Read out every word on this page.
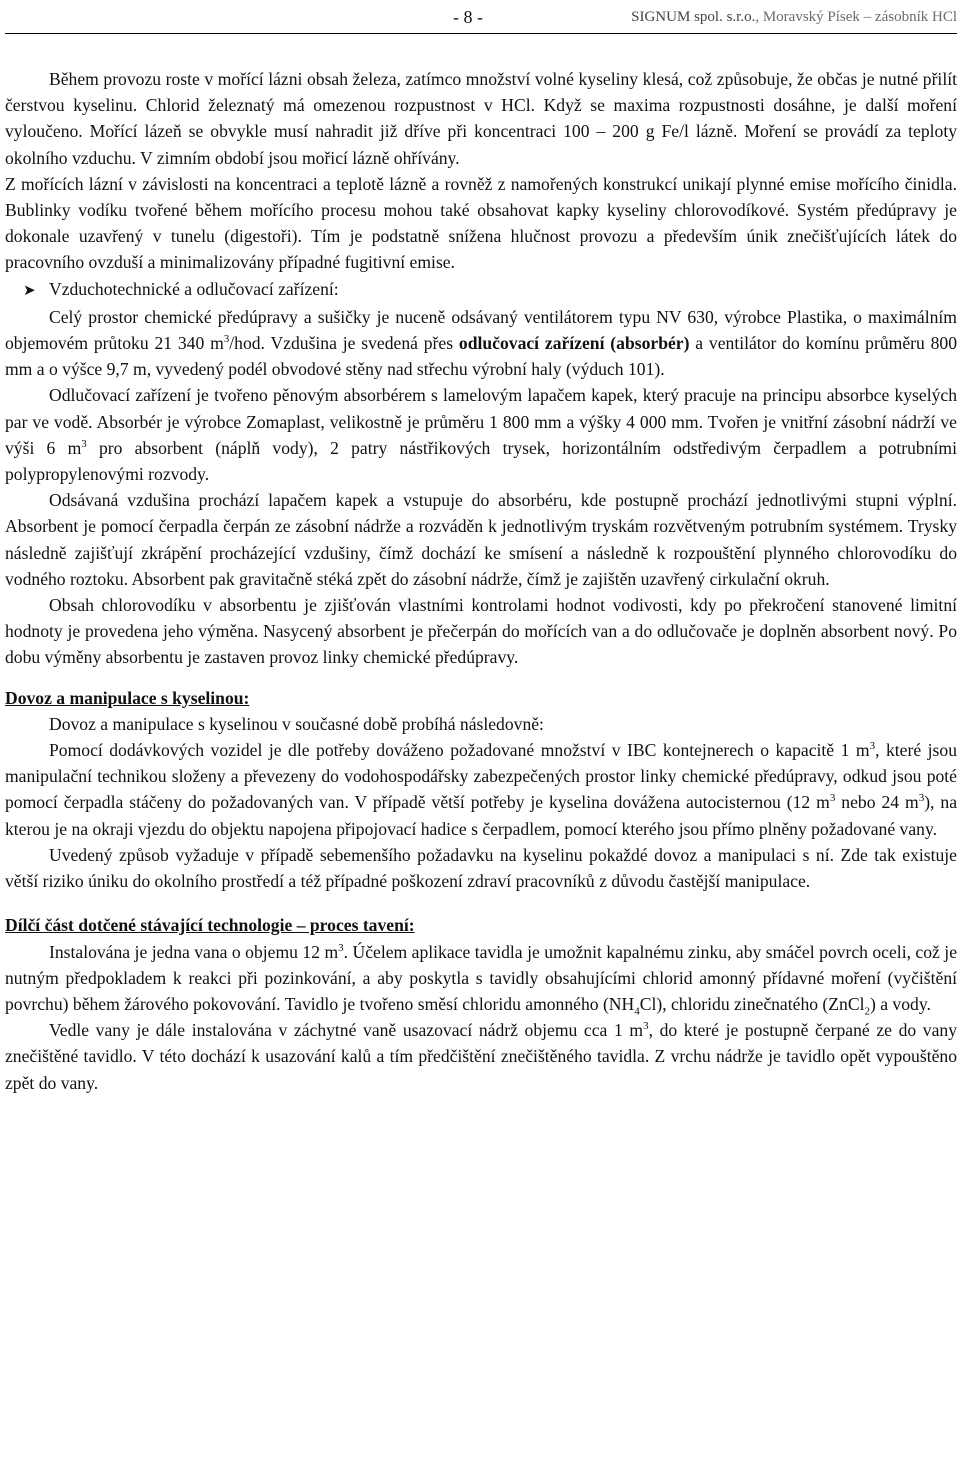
- 8 -	SIGNUM spol. s.r.o., Moravský Písek – zásobník HCl

Během provozu roste v mořící lázni obsah železa, zatímco množství volné kyseliny klesá, což způsobuje, že občas je nutné přilít čerstvou kyselinu. Chlorid železnatý má omezenou rozpustnost v HCl. Když se maxima rozpustnosti dosáhne, je další moření vyloučeno. Mořící lázeň se obvykle musí nahradit již dříve při koncentraci 100 – 200 g Fe/l lázně. Moření se provádí za teploty okolního vzduchu. V zimním období jsou mořicí lázně ohřívány.

Z mořících lázní v závislosti na koncentraci a teplotě lázně a rovněž z namořených konstrukcí unikají plynné emise mořícího činidla. Bublinky vodíku tvořené během mořícího procesu mohou také obsahovat kapky kyseliny chlorovodíkové. Systém předúpravy je dokonale uzavřený v tunelu (digestoři). Tím je podstatně snížena hlučnost provozu a především únik znečišťujících látek do pracovního ovzduší a minimalizovány případné fugitivní emise.

➤ Vzduchotechnické a odlučovací zařízení:

Celý prostor chemické předúpravy a sušičky je nuceně odsávaný ventilátorem typu NV 630, výrobce Plastika, o maximálním objemovém průtoku 21 340 $m^3$/hod. Vzdušina je svedená přes odlučovací zařízení (absorbér) a ventilátor do komínu průměru 800 mm a o výšce 9,7 m, vyvedený podél obvodové stěny nad střechu výrobní haly (výduch 101).

Odlučovací zařízení je tvořeno pěnovým absorbérem s lamelovým lapačem kapek, který pracuje na principu absorbce kyselých par ve vodě. Absorbér je výrobce Zomaplast, velikostně je průměru 1 800 mm a výšky 4 000 mm. Tvořen je vnitřní zásobní nádrží ve výši 6 $m^3$ pro absorbent (náplň vody), 2 patry nástřikových trysek, horizontálním odstředivým čerpadlem a potrubními polypropylenovými rozvody.

Odsávaná vzdušina prochází lapačem kapek a vstupuje do absorbéru, kde postupně prochází jednotlivými stupni výplní. Absorbent je pomocí čerpadla čerpán ze zásobní nádrže a rozváděn k jednotlivým tryskám rozvětveným potrubním systémem. Trysky následně zajišťují zkrápění procházející vzdušiny, čímž dochází ke smísení a následně k rozpouštění plynného chlorovodíku do vodného roztoku. Absorbent pak gravitačně stéká zpět do zásobní nádrže, čímž je zajištěn uzavřený cirkulační okruh.

Obsah chlorovodíku v absorbentu je zjišťován vlastními kontrolami hodnot vodivosti, kdy po překročení stanovené limitní hodnoty je provedena jeho výměna. Nasycený absorbent je přečerpán do mořících van a do odlučovače je doplněn absorbent nový. Po dobu výměny absorbentu je zastaven provoz linky chemické předúpravy.

Dovoz a manipulace s kyselinou:

Dovoz a manipulace s kyselinou v současné době probíhá následovně:

Pomocí dodávkových vozidel je dle potřeby dováženo požadované množství v IBC kontejnerech o kapacitě 1 $m^3$, které jsou manipulační technikou složeny a převezeny do vodohospodářsky zabezpečených prostor linky chemické předúpravy, odkud jsou poté pomocí čerpadla stáčeny do požadovaných van. V případě větší potřeby je kyselina dovážena autocisternou (12 $m^3$ nebo 24 $m^3$), na kterou je na okraji vjezdu do objektu napojena připojovací hadice s čerpadlem, pomocí kterého jsou přímo plněny požadované vany.

Uvedený způsob vyžaduje v případě sebemenšího požadavku na kyselinu pokaždé dovoz a manipulaci s ní. Zde tak existuje větší riziko úniku do okolního prostředí a též případné poškození zdraví pracovníků z důvodu častější manipulace.

Dílčí část dotčené stávající technologie – proces tavení:

Instalována je jedna vana o objemu 12 $m^3$. Účelem aplikace tavidla je umožnit kapalnému zinku, aby smáčel povrch oceli, což je nutným předpokladem k reakci při pozinkování, a aby poskytla s tavidly obsahujícími chlorid amonný přídavné moření (vyčištění povrchu) během žárového pokovování. Tavidlo je tvořeno směsí chloridu amonného $(NH_4Cl)$, chloridu zinečnatého (ZnCl$_2$) a vody.

Vedle vany je dále instalována v záchytné vaně usazovací nádrž objemu cca 1 $m^3$, do které je postupně čerpané ze do vany znečištěné tavidlo. V této dochází k usazování kalů a tím předčištění znečištěného tavidla. Z vrchu nádrže je tavidlo opět vypouštěno zpět do vany.
